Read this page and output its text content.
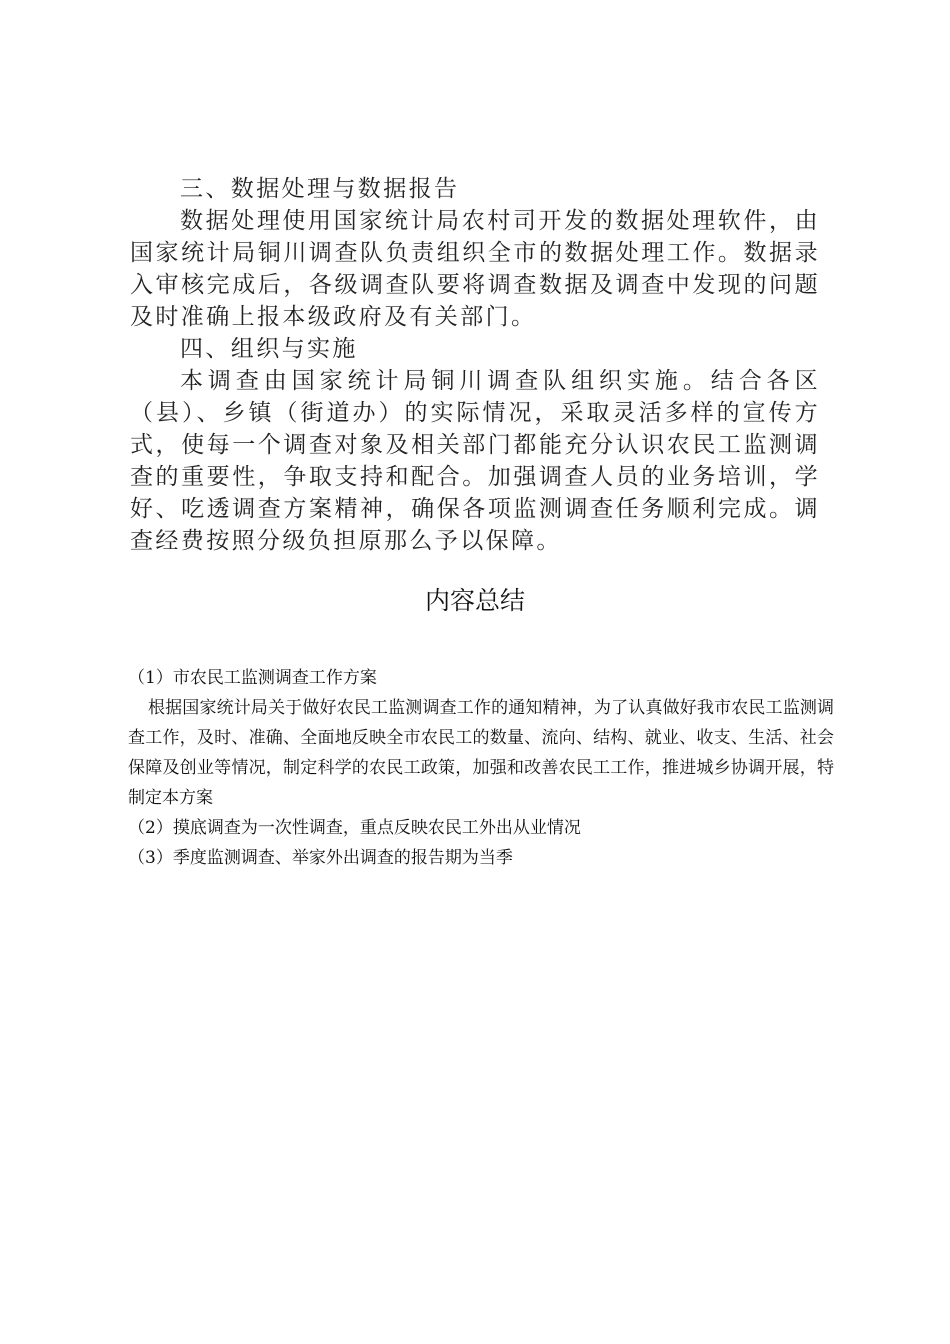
三、数据处理与数据报告

数据处理使用国家统计局农村司开发的数据处理软件，由国家统计局铜川调查队负责组织全市的数据处理工作。数据录入审核完成后，各级调查队要将调查数据及调查中发现的问题及时准确上报本级政府及有关部门。

四、组织与实施

本调查由国家统计局铜川调查队组织实施。结合各区（县）、乡镇（街道办）的实际情况，采取灵活多样的宣传方式，使每一个调查对象及相关部门都能充分认识农民工监测调查的重要性，争取支持和配合。加强调查人员的业务培训，学好、吃透调查方案精神，确保各项监测调查任务顺利完成。调查经费按照分级负担原那么予以保障。

内容总结

（1）市农民工监测调查工作方案

根据国家统计局关于做好农民工监测调查工作的通知精神，为了认真做好我市农民工监测调查工作，及时、准确、全面地反映全市农民工的数量、流向、结构、就业、收支、生活、社会保障及创业等情况，制定科学的农民工政策，加强和改善农民工工作，推进城乡协调开展，特制定本方案

（2）摸底调查为一次性调查，重点反映农民工外出从业情况

（3）季度监测调查、举家外出调查的报告期为当季
